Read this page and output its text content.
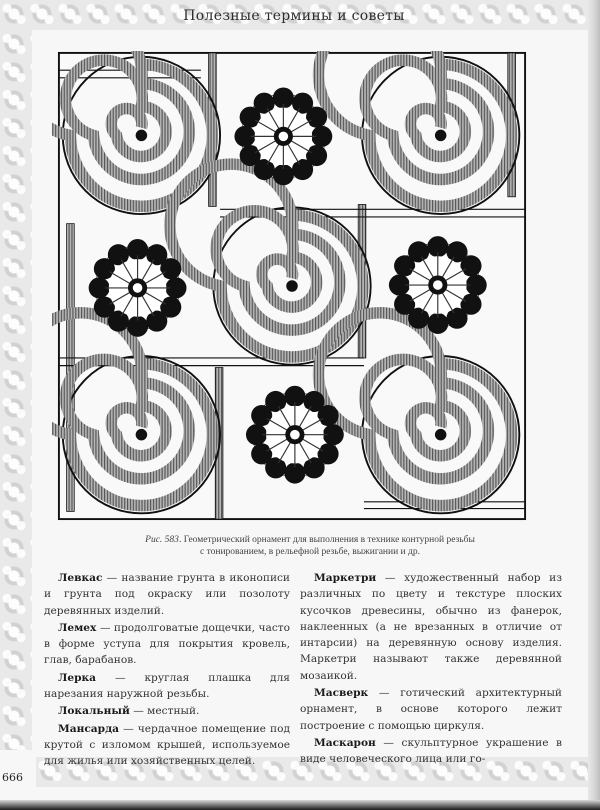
Полезные термины и советы
Рис. 583. Геометрический орнамент для выполнения в технике контурной резьбы
с тонированием, в рельефной резьбе, выжигании и др.

Левкас — название грунта в иконописи и грунта под окраску или позолоту деревянных изделий.

Лемех — продолговатые дощечки, часто в форме уступа для покрытия кровель, глав, барабанов.

Лерка — круглая плашка для нарезания наружной резьбы.

Локальный — местный.

Мансарда — чердачное помещение под крутой с изломом крышей, используемое для жилья или хозяйственных целей.

Маркетри — художественный набор из различных по цвету и текстуре плоских кусочков древесины, обычно из фанерок, наклеенных (а не врезанных в отличие от интарсии) на деревянную основу изделия. Маркетри называют также деревянной мозаикой.

Масверк — готический архитектурный орнамент, в основе которого лежит построение с помощью циркуля.

Маскарон — скульптурное украшение в виде человеческого лица или го-

666
